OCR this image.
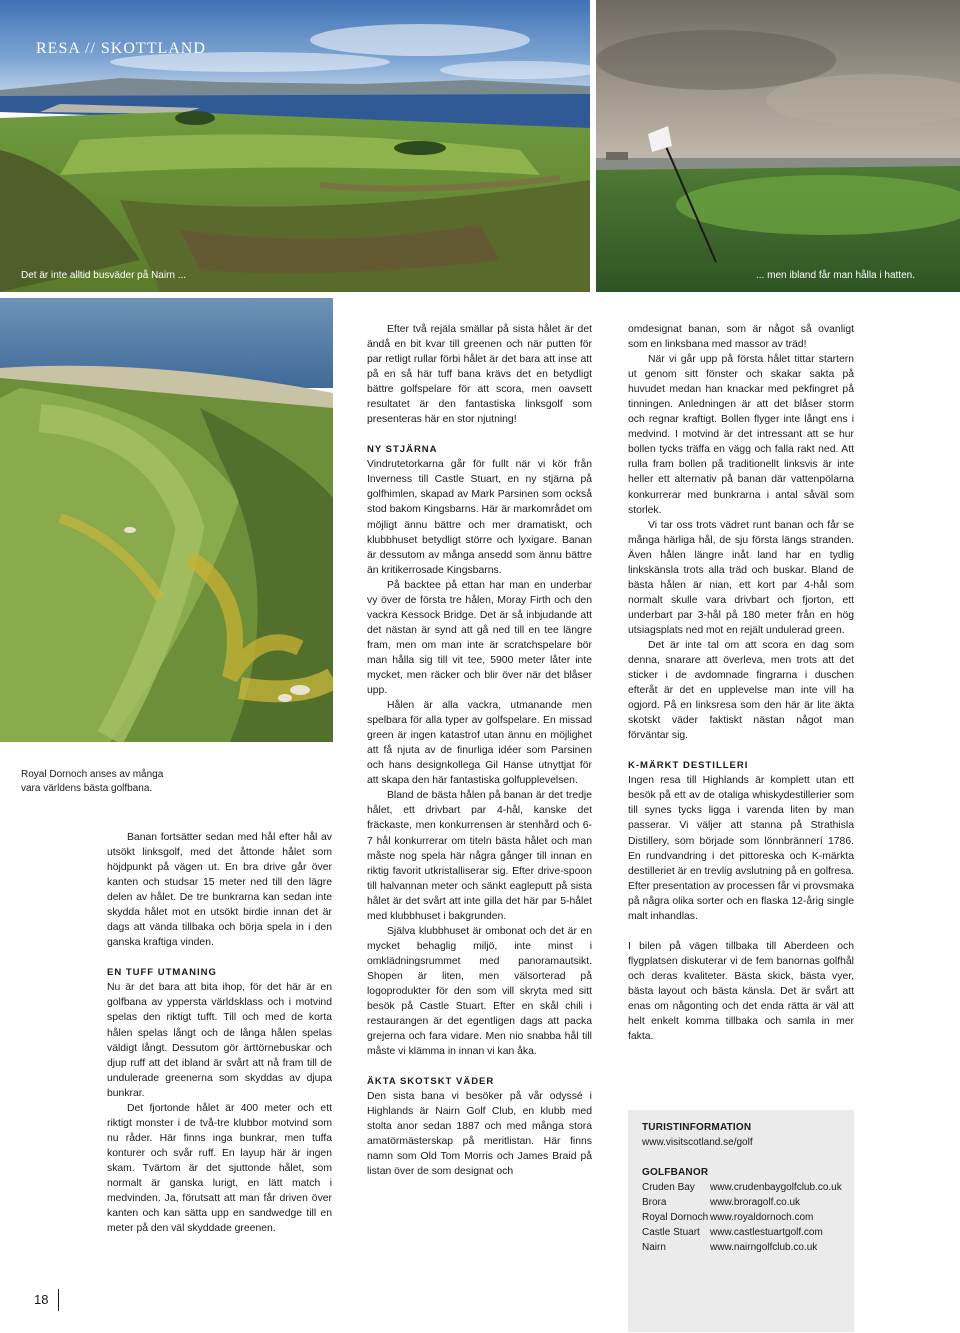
RESA // SKOTTLAND
Det är inte alltid busväder på Nairn ...	... men ibland får man hålla i hatten.
Royal Dornoch anses av många vara världens bästa golfbana.

Banan fortsätter sedan med hål efter hål av utsökt linksgolf, med det åttonde hålet som höjdpunkt på vägen ut. En bra drive går över kanten och studsar 15 meter ned till den lägre delen av hålet. De tre bunkrarna kan sedan inte skydda hålet mot en utsökt birdie innan det är dags att vända tillbaka och börja spela in i den ganska kraftiga vinden.

EN TUFF UTMANING

Nu är det bara att bita ihop, för det här är en golfbana av yppersta världsklass och i motvind spelas den riktigt tufft. Till och med de korta hålen spelas långt och de långa hålen spelas väldigt långt. Dessutom gör ärttörnebuskar och djup ruff att det ibland är svårt att nå fram till de undulerade greenerna som skyddas av djupa bunkrar.

Det fjortonde hålet är 400 meter och ett riktigt monster i de två-tre klubbor motvind som nu råder. Här finns inga bunkrar, men tuffa konturer och svår ruff. En layup här är ingen skam. Tvärtom är det sjuttonde hålet, som normalt är ganska lurigt, en lätt match i medvinden. Ja, förutsatt att man får driven över kanten och kan sätta upp en sandwedge till en meter på den väl skyddade greenen.

Efter två rejäla smällar på sista hålet är det ändå en bit kvar till greenen och när putten för par retligt rullar förbi hålet är det bara att inse att på en så här tuff bana krävs det en betydligt bättre golfspelare för att scora, men oavsett resultatet är den fantastiska linksgolf som presenteras här en stor njutning!

NY STJÄRNA

Vindrutetorkarna går för fullt när vi kör från Inverness till Castle Stuart, en ny stjärna på golfhimlen, skapad av Mark Parsinen som också stod bakom Kingsbarns. Här är markområdet om möjligt ännu bättre och mer dramatiskt, och klubbhuset betydligt större och lyxigare. Banan är dessutom av många ansedd som ännu bättre än kritikerrosade Kingsbarns.

På backtee på ettan har man en underbar vy över de första tre hålen, Moray Firth och den vackra Kessock Bridge. Det är så inbjudande att det nästan är synd att gå ned till en tee längre fram, men om man inte är scratchspelare bör man hålla sig till vit tee, 5900 meter låter inte mycket, men räcker och blir över när det blåser upp.

Hålen är alla vackra, utmanande men spelbara för alla typer av golfspelare. En missad green är ingen katastrof utan ännu en möjlighet att få njuta av de finurliga idéer som Parsinen och hans designkollega Gil Hanse utnyttjat för att skapa den här fantastiska golfupplevelsen.

Bland de bästa hålen på banan är det tredje hålet, ett drivbart par 4-hål, kanske det fräckaste, men konkurrensen är stenhård och 6-7 hål konkurrerar om titeln bästa hålet och man måste nog spela här några gånger till innan en riktig favorit utkristalliserar sig. Efter drive-spoon till halvannan meter och sänkt eagleputt på sista hålet är det svårt att inte gilla det här par 5-hålet med klubbhuset i bakgrunden.

Själva klubbhuset är ombonat och det är en mycket behaglig miljö, inte minst i omklädningsrummet med panoramautsikt. Shopen är liten, men välsorterad på logoprodukter för den som vill skryta med sitt besök på Castle Stuart. Efter en skål chili i restaurangen är det egentligen dags att packa grejerna och fara vidare. Men nio snabba hål till måste vi klämma in innan vi kan åka.

ÄKTA SKOTSKT VÄDER

Den sista bana vi besöker på vår odyssé i Highlands är Nairn Golf Club, en klubb med stolta anor sedan 1887 och med många stora amatörmästerskap på meritlistan. Här finns namn som Old Tom Morris och James Braid på listan över de som designat och

omdesignat banan, som är något så ovanligt som en linksbana med massor av träd!

När vi går upp på första hålet tittar startern ut genom sitt fönster och skakar sakta på huvudet medan han knackar med pekfingret på tinningen. Anledningen är att det blåser storm och regnar kraftigt. Bollen flyger inte långt ens i medvind. I motvind är det intressant att se hur bollen tycks träffa en vägg och falla rakt ned. Att rulla fram bollen på traditionellt linksvis är inte heller ett alternativ på banan där vattenpölarna konkurrerar med bunkrarna i antal såväl som storlek.

Vi tar oss trots vädret runt banan och får se många härliga hål, de sju första längs stranden. Även hålen längre inåt land har en tydlig linkskänsla trots alla träd och buskar. Bland de bästa hålen är nian, ett kort par 4-hål som normalt skulle vara drivbart och fjorton, ett underbart par 3-hål på 180 meter från en hög utsiagsplats ned mot en rejält undulerad green.

Det är inte tal om att scora en dag som denna, snarare att överleva, men trots att det sticker i de avdomnade fingrarna i duschen efteråt är det en upplevelse man inte vill ha ogjord. På en linksresa som den här är lite äkta skotskt väder faktiskt nästan något man förväntar sig.

K-MÄRKT DESTILLERI

Ingen resa till Highlands är komplett utan ett besök på ett av de otaliga whiskydestillerier som till synes tycks ligga i varenda liten by man passerar. Vi väljer att stanna på Strathisla Distillery, som började som lönnbrännerí 1786. En rundvandring i det pittoreska och K-märkta destilleriet är en trevlig avslutning på en golfresa. Efter presentation av processen får vi provsmaka på några olika sorter och en flaska 12-årig single malt inhandlas.

I bilen på vägen tillbaka till Aberdeen och flygplatsen diskuterar vi de fem banornas golfhål och deras kvaliteter. Bästa skick, bästa vyer, bästa layout och bästa känsla. Det är svårt att enas om någonting och det enda rätta är väl att helt enkelt komma tillbaka och samla in mer fakta.

TURISTINFORMATION
www.visitscotland.se/golf
GOLFBANOR
Cruden Bay www.crudenbaygolfclub.co.uk
Brora	www.broragolf.co.uk
Royal Dornoch www.royaldornoch.com
Castle Stuart www.castlestuartgolf.com
Nairn	www.nairngolfclub.co.uk
18
